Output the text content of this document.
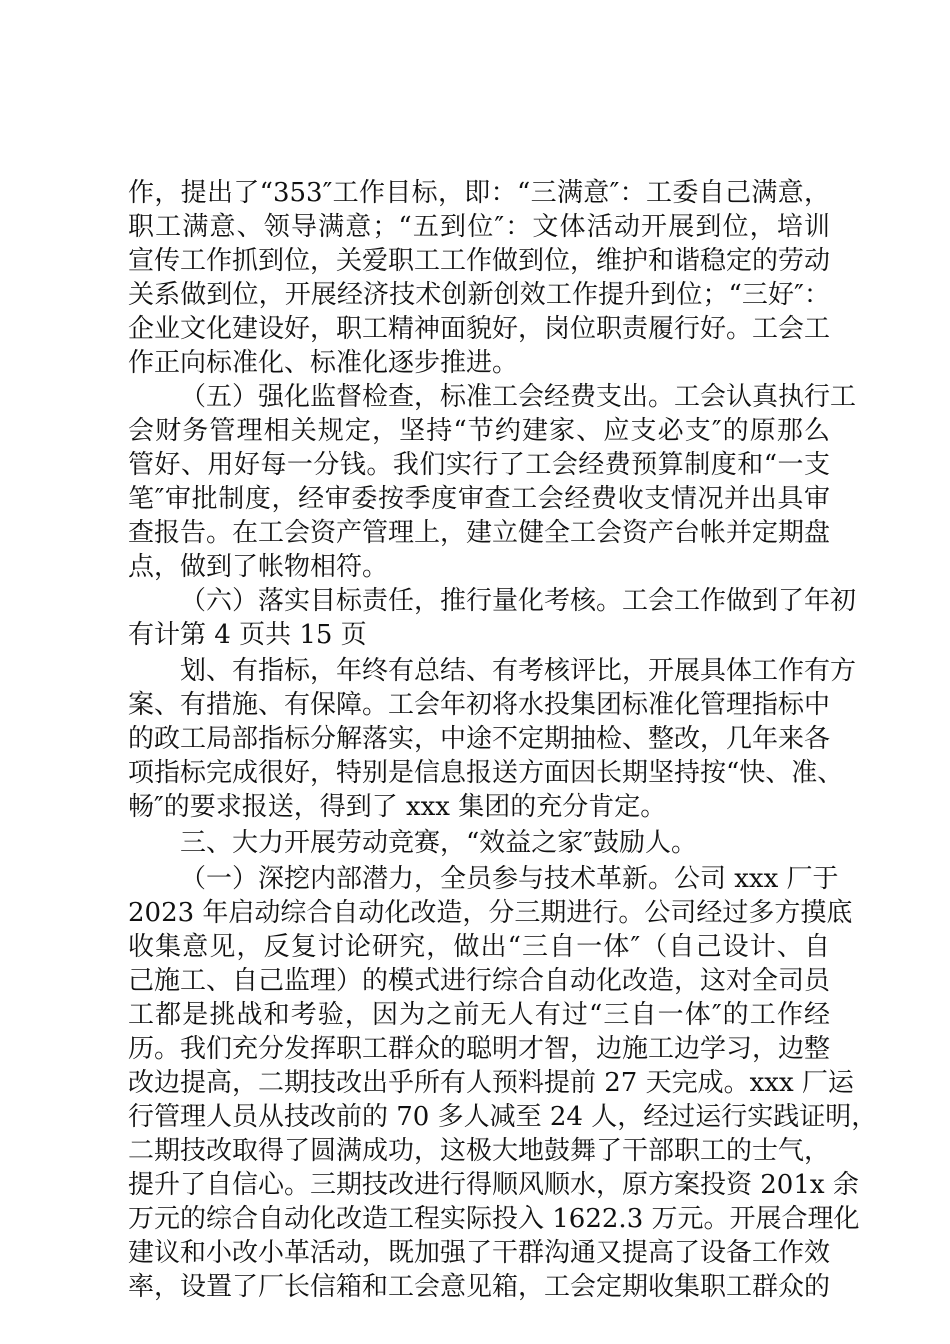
作，提出了“353″工作目标，即：“三满意″：工委自己满意，
职工满意、领导满意；“五到位″：文体活动开展到位，培训
宣传工作抓到位，关爱职工工作做到位，维护和谐稳定的劳动
关系做到位，开展经济技术创新创效工作提升到位；“三好″：
企业文化建设好，职工精神面貌好，岗位职责履行好。工会工
作正向标准化、标准化逐步推进。
（五）强化监督检查，标准工会经费支出。工会认真执行工
会财务管理相关规定，坚持“节约建家、应支必支″的原那么
管好、用好每一分钱。我们实行了工会经费预算制度和“一支
笔″审批制度，经审委按季度审查工会经费收支情况并出具审
查报告。在工会资产管理上，建立健全工会资产台帐并定期盘
点，做到了帐物相符。
（六）落实目标责任，推行量化考核。工会工作做到了年初
有计第 4 页共 15 页
划、有指标，年终有总结、有考核评比，开展具体工作有方
案、有措施、有保障。工会年初将水投集团标准化管理指标中
的政工局部指标分解落实，中途不定期抽检、整改，几年来各
项指标完成很好，特别是信息报送方面因长期坚持按“快、准、
畅″的要求报送，得到了 xxx 集团的充分肯定。
三、大力开展劳动竞赛，“效益之家″鼓励人。
（一）深挖内部潜力，全员参与技术革新。公司 xxx 厂于
2023 年启动综合自动化改造，分三期进行。公司经过多方摸底
收集意见，反复讨论研究，做出“三自一体″（自己设计、自
己施工、自己监理）的模式进行综合自动化改造，这对全司员
工都是挑战和考验，因为之前无人有过“三自一体″的工作经
历。我们充分发挥职工群众的聪明才智，边施工边学习，边整
改边提高，二期技改出乎所有人预料提前 27 天完成。xxx 厂运
行管理人员从技改前的 70 多人减至 24 人，经过运行实践证明，
二期技改取得了圆满成功，这极大地鼓舞了干部职工的士气，
提升了自信心。三期技改进行得顺风顺水，原方案投资 201x 余
万元的综合自动化改造工程实际投入 1622.3 万元。开展合理化
建议和小改小革活动，既加强了干群沟通又提高了设备工作效
率，设置了厂长信箱和工会意见箱，工会定期收集职工群众的
